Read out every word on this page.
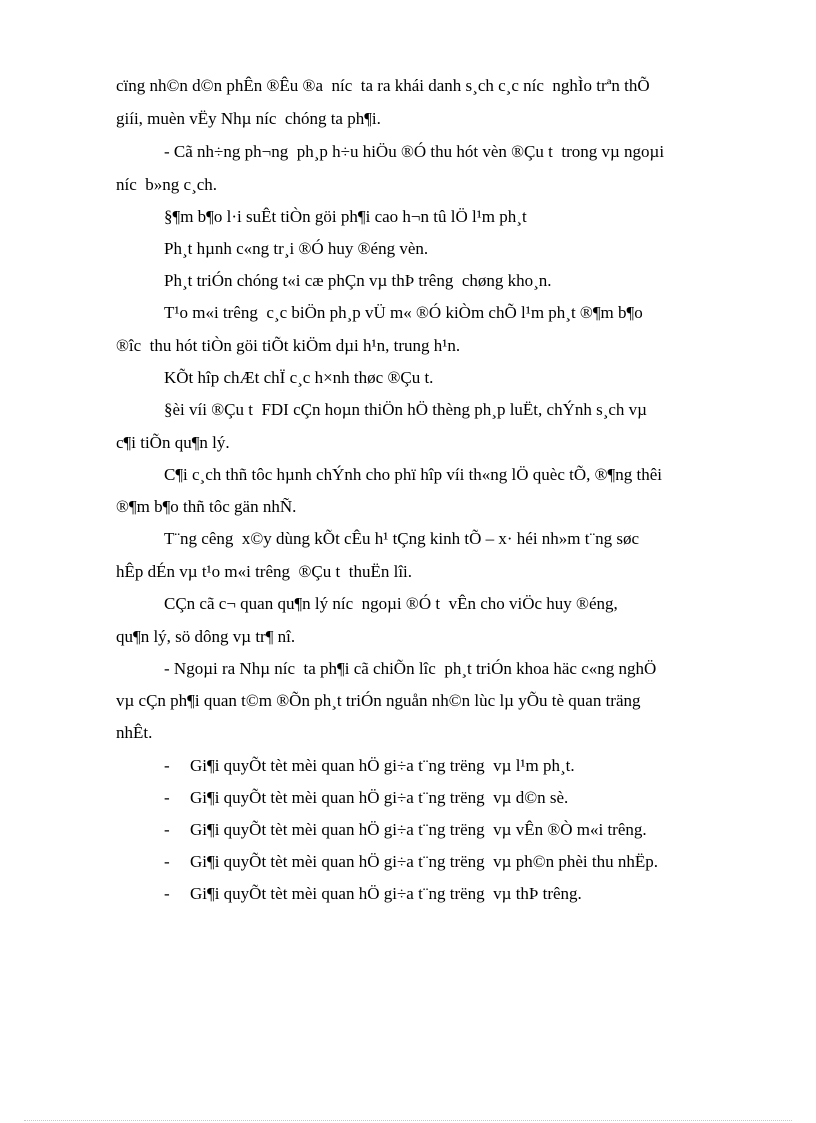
cïng nh©n d©n phÊn ®Êu ®a  níc  ta ra khái danh s¸ch c¸c níc  nghÌo trªn thÕ
giíi, muèn vËy Nhµ níc  chóng ta ph¶i.
- Cã nh÷ng ph¬ng  ph¸p h÷u hiÖu ®Ó thu hót vèn ®Çu t  trong vµ ngoµi
níc  b»ng c¸ch.
§¶m b¶o l·i suÊt tiÒn göi ph¶i cao h¬n tû lÖ l¹m ph¸t
Ph¸t hµnh c«ng tr¸i ®Ó huy ®éng vèn.
Ph¸t triÓn chóng t«i cæ phÇn vµ thÞ trêng  chøng kho¸n.
T¹o m«i trêng  c¸c biÖn ph¸p vÜ m« ®Ó kiÒm chÕ l¹m ph¸t ®¶m b¶o
®îc  thu hót tiÒn göi tiÕt kiÖm dµi h¹n, trung h¹n.
KÕt hîp chÆt chÏ c¸c h×nh thøc ®Çu t.
§èi víi ®Çu t  FDI cÇn hoµn thiÖn hÖ thèng ph¸p luËt, chÝnh s¸ch vµ
c¶i tiÕn qu¶n lý.
C¶i c¸ch thñ tôc hµnh chÝnh cho phï hîp víi th«ng lÖ quèc tÕ, ®¶ng thêi
®¶m b¶o thñ tôc gän nhÑ.
T¨ng cêng  x©y dùng kÕt cÊu h¹ tÇng kinh tÕ – x· héi nh»m t¨ng søc
hÊp dÉn vµ t¹o m«i trêng  ®Çu t  thuËn lîi.
CÇn cã c¬ quan qu¶n lý níc  ngoµi ®Ó t  vÊn cho viÖc huy ®éng,
qu¶n lý, sö dông vµ tr¶ nî.
- Ngoµi ra Nhµ níc  ta ph¶i cã chiÕn lîc  ph¸t triÓn khoa häc c«ng nghÖ
vµ cÇn ph¶i quan t©m ®Õn ph¸t triÓn nguån nh©n lùc lµ yÕu tè quan träng
nhÊt.
- Gi¶i quyÕt tèt mèi quan hÖ gi÷a t¨ng trëng  vµ l¹m ph¸t.
- Gi¶i quyÕt tèt mèi quan hÖ gi÷a t¨ng trëng  vµ d©n sè.
- Gi¶i quyÕt tèt mèi quan hÖ gi÷a t¨ng trëng  vµ vÊn ®Ò m«i trêng.
- Gi¶i quyÕt tèt mèi quan hÖ gi÷a t¨ng trëng  vµ ph©n phèi thu nhËp.
- Gi¶i quyÕt tèt mèi quan hÖ gi÷a t¨ng trëng  vµ thÞ trêng.
